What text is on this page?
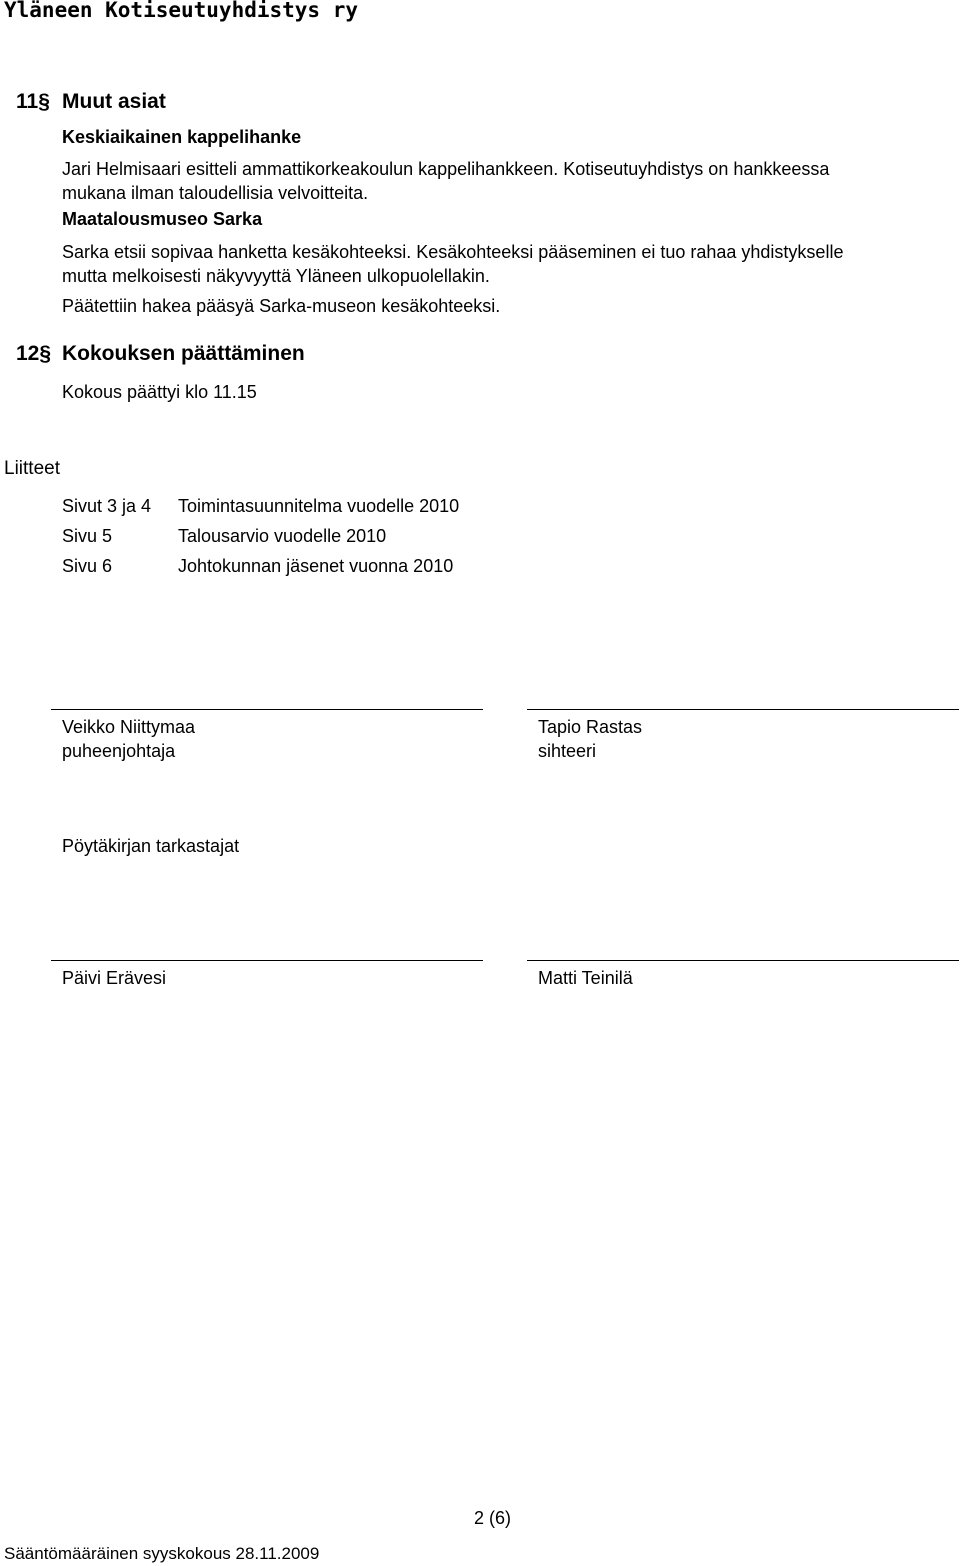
Yläneen Kotiseutuyhdistys ry
11§ Muut asiat
Keskiaikainen kappelihanke
Jari Helmisaari esitteli ammattikorkeakoulun kappelihankkeen. Kotiseutuyhdistys on hankkeessa
mukana ilman taloudellisia velvoitteita.
Maatalousmuseo Sarka
Sarka etsii sopivaa hanketta kesäkohteeksi. Kesäkohteeksi pääseminen ei tuo rahaa yhdistykselle
mutta melkoisesti näkyvyyttä Yläneen ulkopuolellakin.
Päätettiin hakea pääsyä Sarka-museon kesäkohteeksi.
12§ Kokouksen päättäminen
Kokous päättyi klo 11.15
Liitteet
Sivut 3 ja 4 Toimintasuunnitelma vuodelle 2010
Sivu 5	Talousarvio vuodelle 2010
Sivu 6	Johtokunnan jäsenet vuonna 2010
Veikko Niittymaa
puheenjohtaja
Tapio Rastas
sihteeri
Pöytäkirjan tarkastajat
Päivi Erävesi	Matti Teinilä
2 (6)
Sääntömääräinen syyskokous 28.11.2009
